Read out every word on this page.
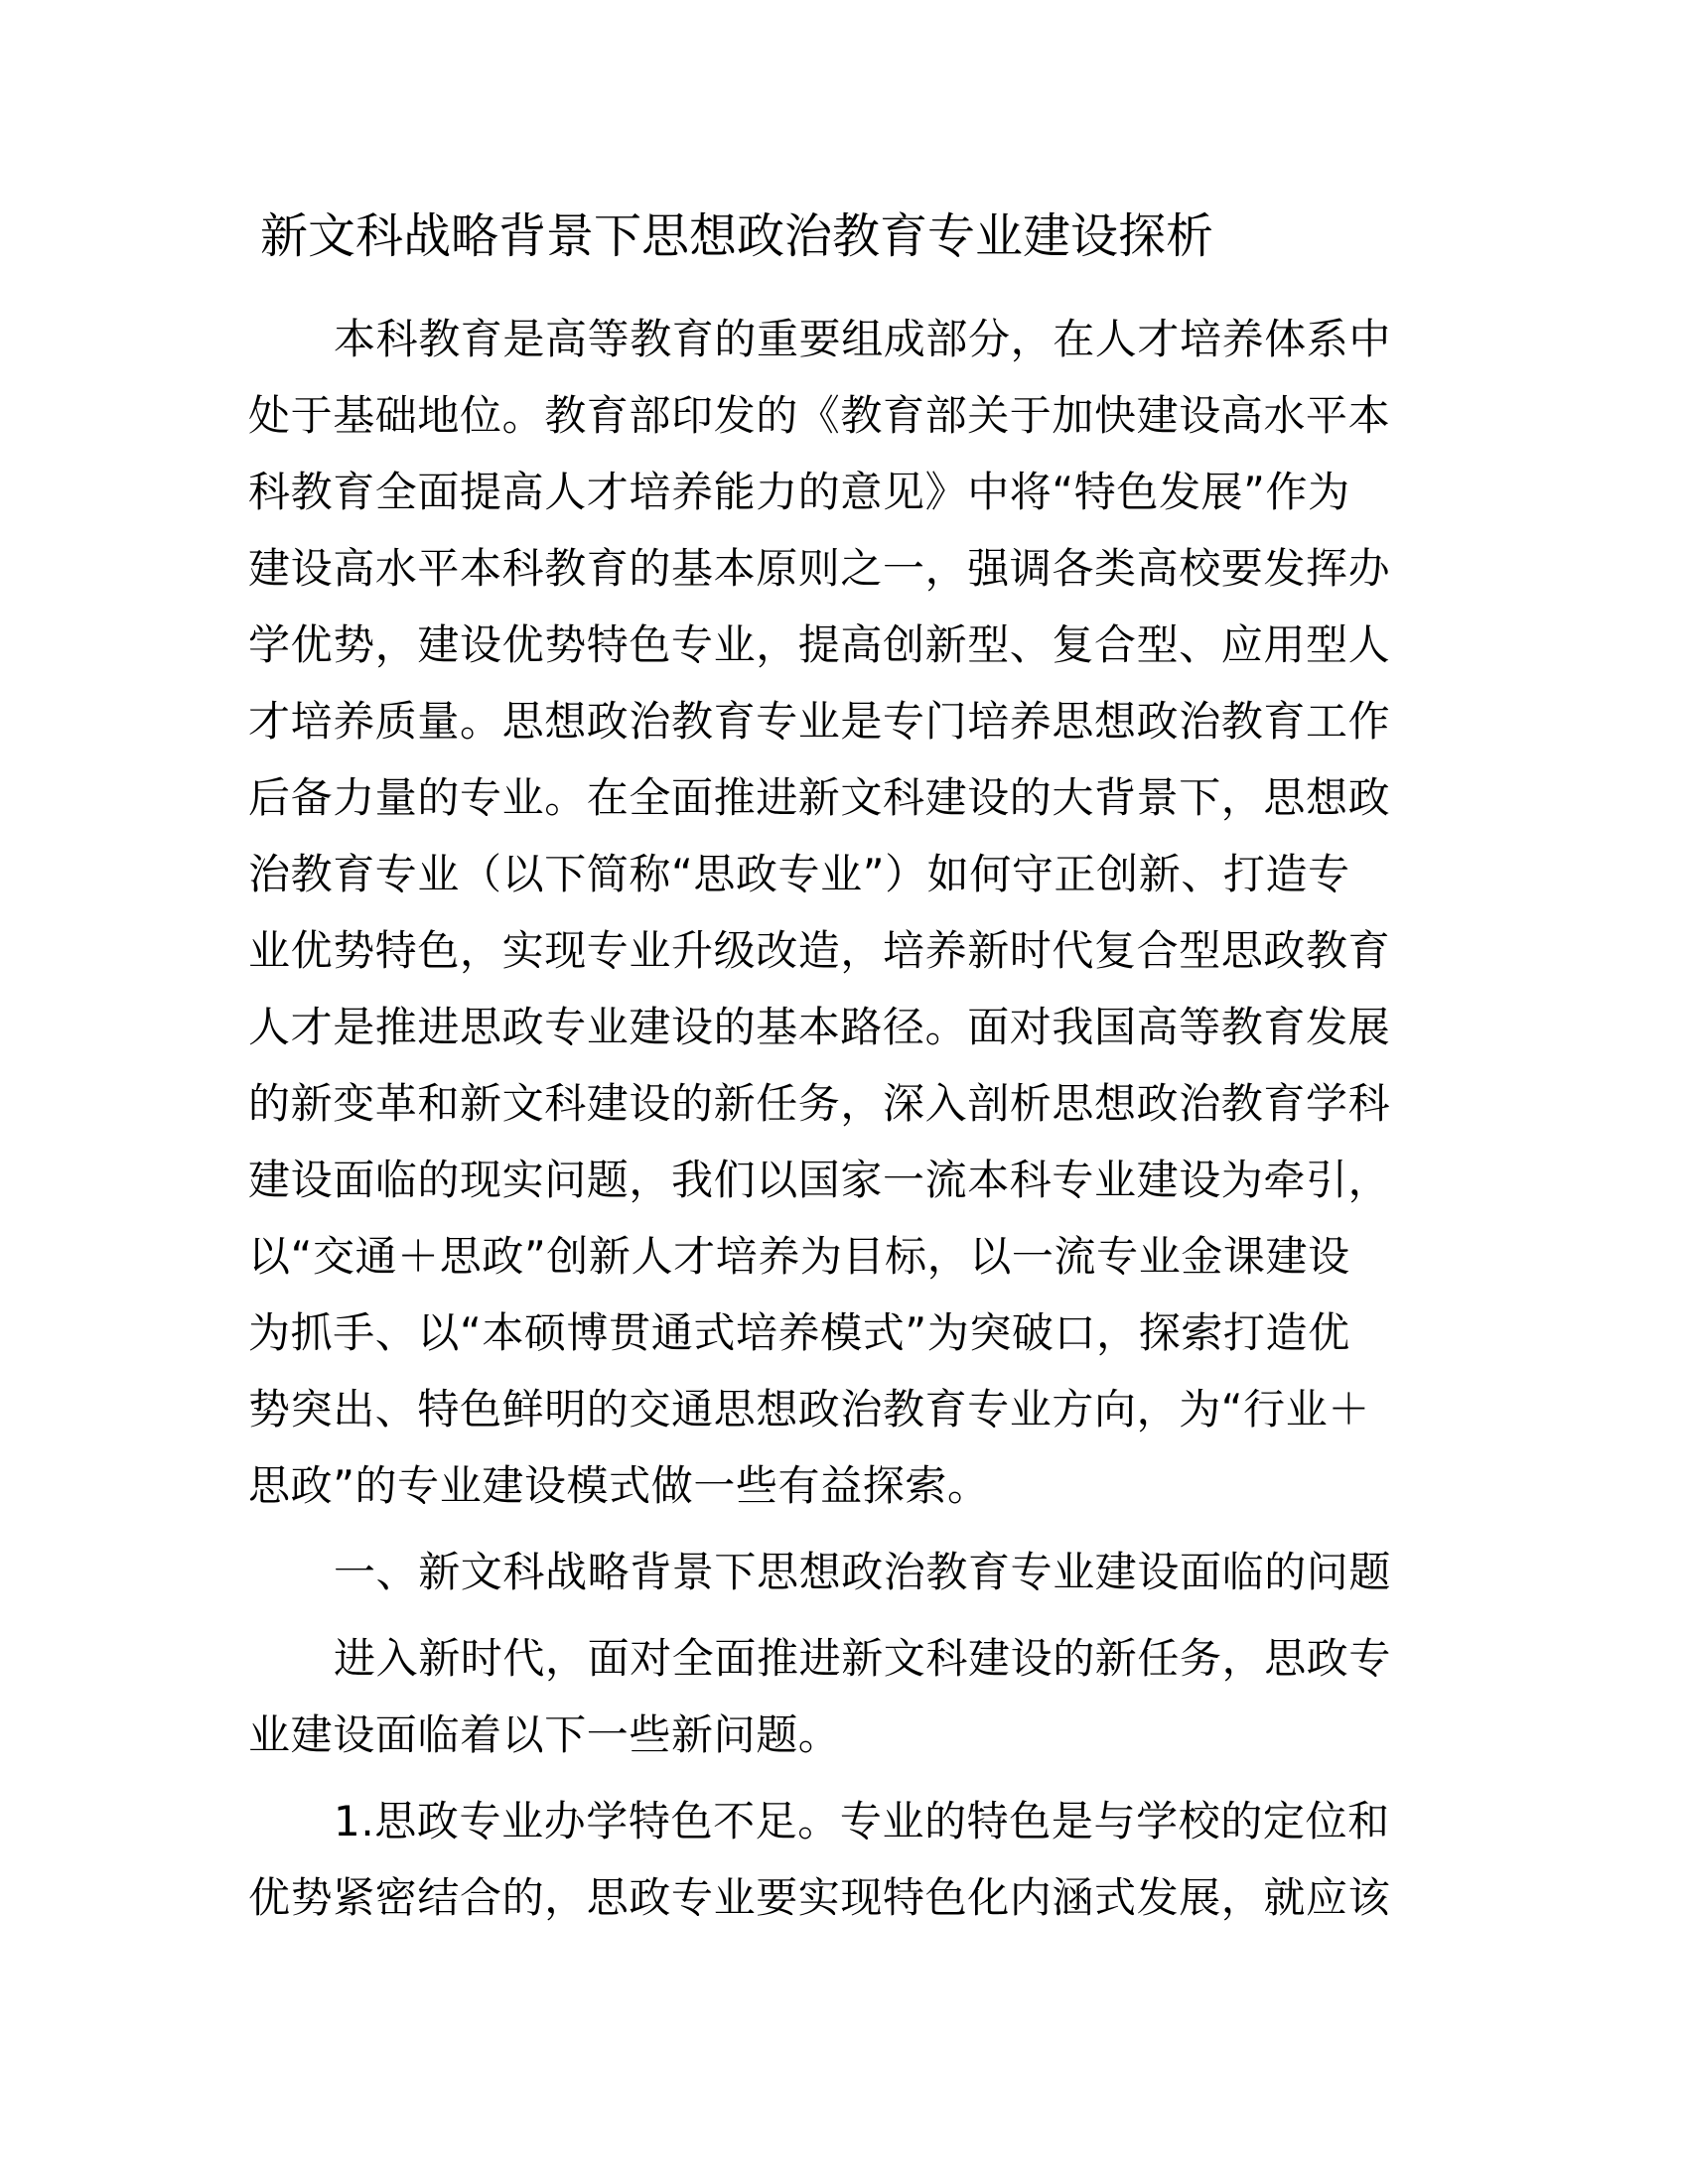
新文科战略背景下思想政治教育专业建设探析
本科教育是高等教育的重要组成部分，在人才培养体系中
处于基础地位。教育部印发的《教育部关于加快建设高水平本
科教育全面提高人才培养能力的意见》中将“特色发展”作为
建设高水平本科教育的基本原则之一，强调各类高校要发挥办
学优势，建设优势特色专业，提高创新型、复合型、应用型人
才培养质量。思想政治教育专业是专门培养思想政治教育工作
后备力量的专业。在全面推进新文科建设的大背景下，思想政
治教育专业（以下简称“思政专业”）如何守正创新、打造专
业优势特色，实现专业升级改造，培养新时代复合型思政教育
人才是推进思政专业建设的基本路径。面对我国高等教育发展
的新变革和新文科建设的新任务，深入剖析思想政治教育学科
建设面临的现实问题，我们以国家一流本科专业建设为牵引，
以“交通＋思政”创新人才培养为目标，以一流专业金课建设
为抓手、以“本硕博贯通式培养模式”为突破口，探索打造优
势突出、特色鲜明的交通思想政治教育专业方向，为“行业＋
思政”的专业建设模式做一些有益探索。
一、新文科战略背景下思想政治教育专业建设面临的问题
进入新时代，面对全面推进新文科建设的新任务，思政专
业建设面临着以下一些新问题。
1.思政专业办学特色不足。专业的特色是与学校的定位和
优势紧密结合的，思政专业要实现特色化内涵式发展，就应该
